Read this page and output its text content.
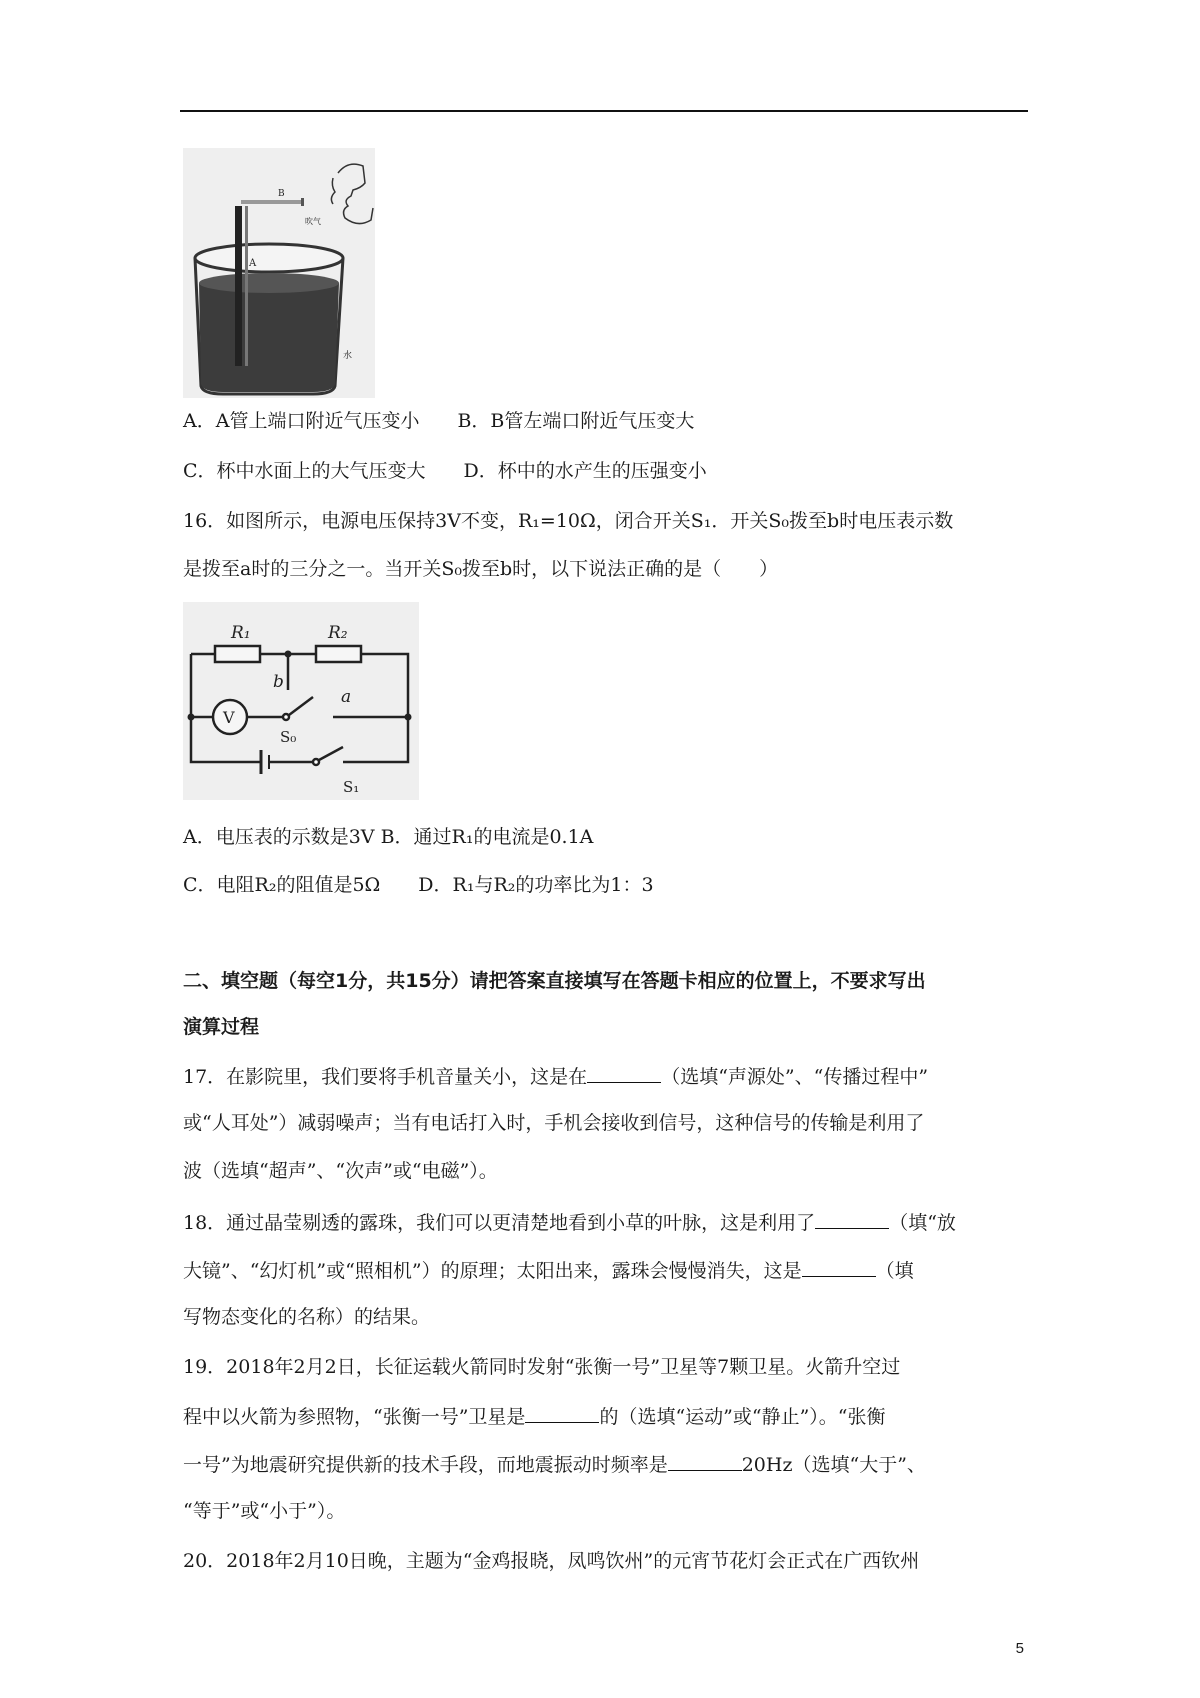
B
吹气
A
水
A．A管上端口附近气压变小　　B．B管左端口附近气压变大
C．杯中水面上的大气压变大　　D．杯中的水产生的压强变小
16．如图所示，电源电压保持3V不变，R₁=10Ω，闭合开关S₁．开关S₀拨至b时电压表示数
是拨至a时的三分之一。当开关S₀拨至b时，以下说法正确的是（　　）
R₁	R₂
b
a
V
S₀
S₁
A．电压表的示数是3V B．通过R₁的电流是0.1A
C．电阻R₂的阻值是5Ω　　D．R₁与R₂的功率比为1：3
二、填空题（每空1分，共15分）请把答案直接填写在答题卡相应的位置上，不要求写出
演算过程
17．在影院里，我们要将手机音量关小，这是在	（选填“声源处”、“传播过程中”
或“人耳处”）减弱噪声；当有电话打入时，手机会接收到信号，这种信号的传输是利用了
波（选填“超声”、“次声”或“电磁”）。
18．通过晶莹剔透的露珠，我们可以更清楚地看到小草的叶脉，这是利用了	（填“放
大镜”、“幻灯机”或“照相机”）的原理；太阳出来，露珠会慢慢消失，这是	（填
写物态变化的名称）的结果。
19．2018年2月2日，长征运载火箭同时发射“张衡一号”卫星等7颗卫星。火箭升空过
程中以火箭为参照物，“张衡一号”卫星是	的（选填“运动”或“静止”）。“张衡
一号”为地震研究提供新的技术手段，而地震振动时频率是	20Hz（选填“大于”、
“等于”或“小于”）。
20．2018年2月10日晚，主题为“金鸡报晓，凤鸣饮州”的元宵节花灯会正式在广西钦州
5
